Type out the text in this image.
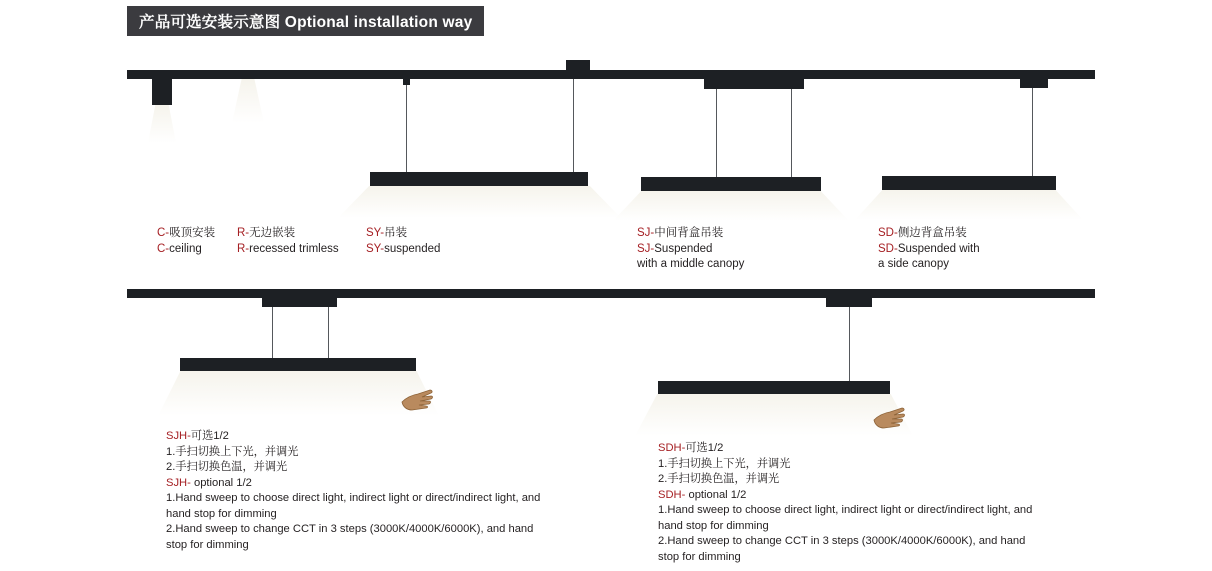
产品可选安装示意图 Optional installation way
C-吸顶安装
C-ceiling
R-无边嵌装
R-recessed trimless
SY-吊装
SY-suspended
SJ-中间背盒吊装
SJ-Suspended
with a middle canopy
SD-侧边背盒吊装
SD-Suspended with
a side canopy
SJH-可选1/2
1.手扫切换上下光，并调光
2.手扫切换色温，并调光
SJH- optional 1/2
1.Hand sweep to choose direct light, indirect light or direct/indirect light, and hand stop for dimming
2.Hand sweep to change CCT in 3 steps (3000K/4000K/6000K), and hand stop for dimming
SDH-可选1/2
1.手扫切换上下光，并调光
2.手扫切换色温，并调光
SDH- optional 1/2
1.Hand sweep to choose direct light, indirect light or direct/indirect light, and hand stop for dimming
2.Hand sweep to change CCT in 3 steps (3000K/4000K/6000K), and hand stop for dimming
